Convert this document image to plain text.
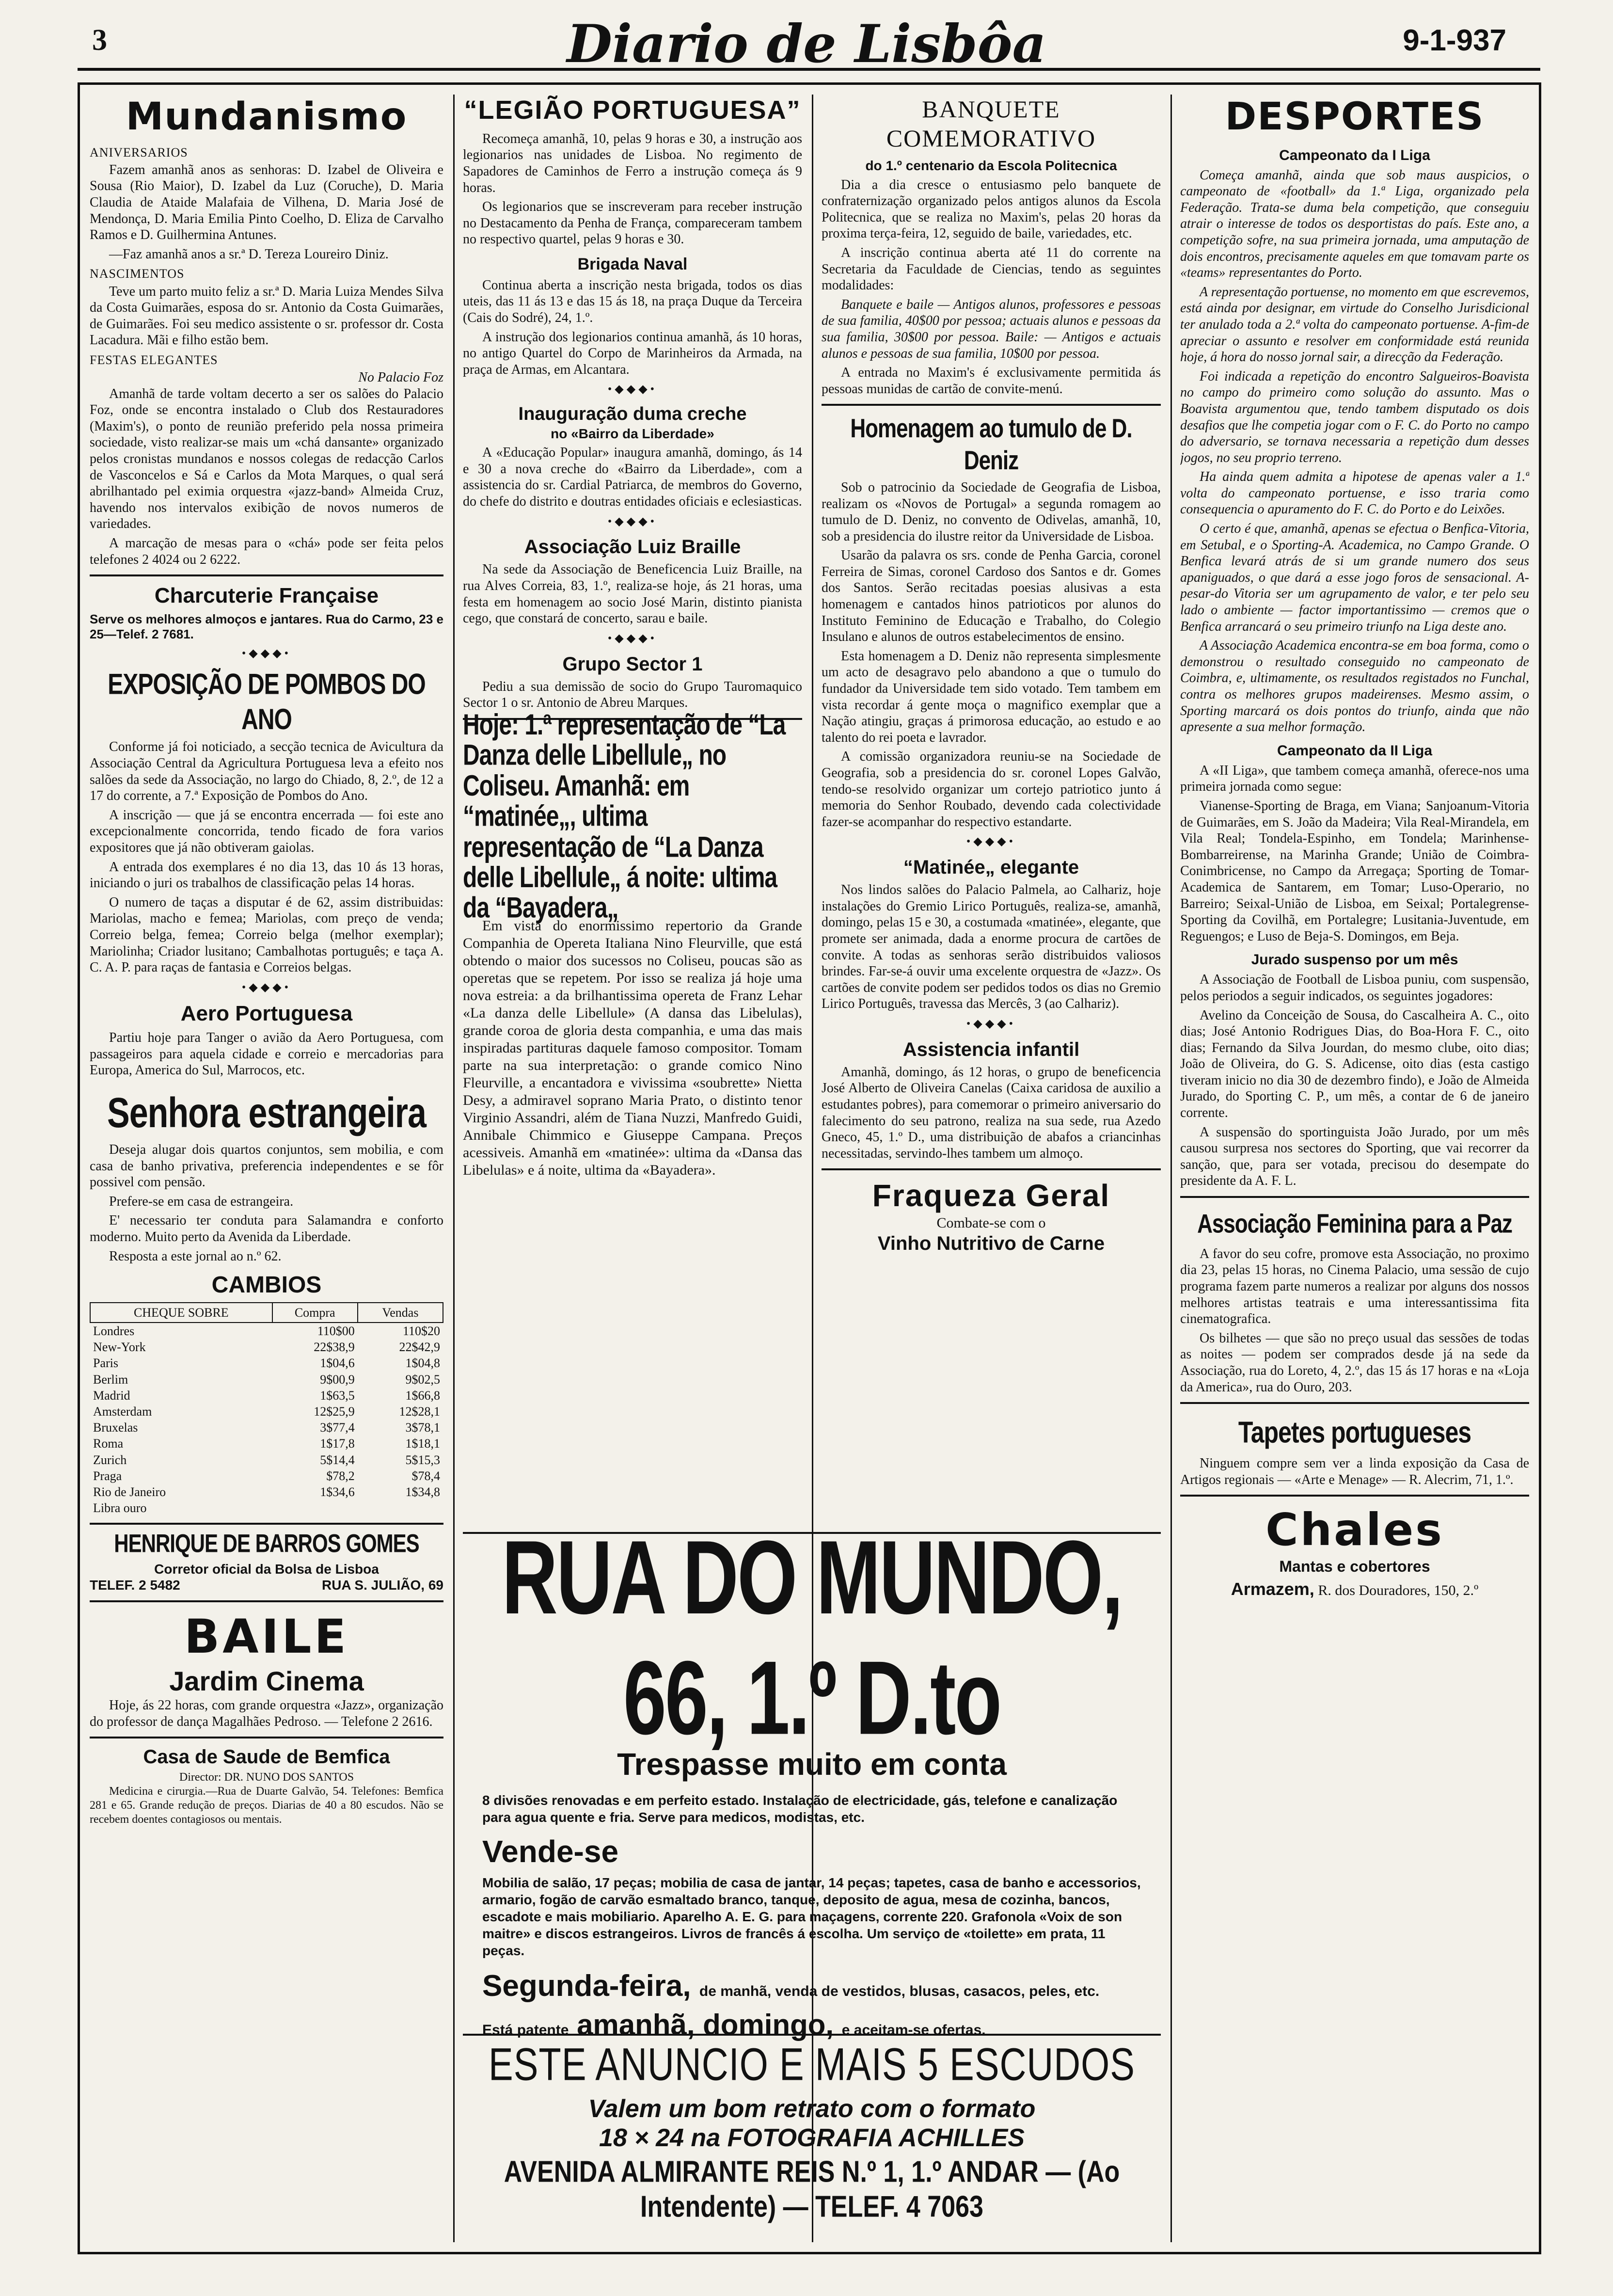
3	Diario de Lisbôa	9-1-937
Mundanismo
ANIVERSARIOS

Fazem amanhã anos as senhoras: D. Izabel de Oliveira e Sousa (Rio Maior), D. Izabel da Luz (Coruche), D. Maria Claudia de Ataide Malafaia de Vilhena, D. Maria José de Mendonça, D. Maria Emilia Pinto Coelho, D. Eliza de Carvalho Ramos e D. Guilhermina Antunes.

—Faz amanhã anos a sr.ª D. Tereza Loureiro Diniz.

NASCIMENTOS

Teve um parto muito feliz a sr.ª D. Maria Luiza Mendes Silva da Costa Guimarães, esposa do sr. Antonio da Costa Guimarães, de Guimarães. Foi seu medico assistente o sr. professor dr. Costa Lacadura. Mãi e filho estão bem.

FESTAS ELEGANTES
No Palacio Foz

Amanhã de tarde voltam decerto a ser os salões do Palacio Foz, onde se encontra instalado o Club dos Restauradores (Maxim's), o ponto de reunião preferido pela nossa primeira sociedade, visto realizar-se mais um «chá dansante» organizado pelos cronistas mundanos e nossos colegas de redacção Carlos de Vasconcelos e Sá e Carlos da Mota Marques, o qual será abrilhantado pel eximia orquestra «jazz-band» Almeida Cruz, havendo nos intervalos exibição de novos numeros de variedades.

A marcação de mesas para o «chá» pode ser feita pelos telefones 2 4024 ou 2 6222.

Charcuterie Française

Serve os melhores almoços e jantares. Rua do Carmo, 23 e 25—Telef. 2 7681.

•◆◆◆•
EXPOSIÇÃO DE POMBOS DO ANO

Conforme já foi noticiado, a secção tecnica de Avicultura da Associação Central da Agricultura Portuguesa leva a efeito nos salões da sede da Associação, no largo do Chiado, 8, 2.º, de 12 a 17 do corrente, a 7.ª Exposição de Pombos do Ano.

A inscrição — que já se encontra encerrada — foi este ano excepcionalmente concorrida, tendo ficado de fora varios expositores que já não obtiveram gaiolas.

A entrada dos exemplares é no dia 13, das 10 ás 13 horas, iniciando o juri os trabalhos de classificação pelas 14 horas.

O numero de taças a disputar é de 62, assim distribuidas: Mariolas, macho e femea; Mariolas, com preço de venda; Correio belga, femea; Correio belga (melhor exemplar); Mariolinha; Criador lusitano; Cambalhotas português; e taça A. C. A. P. para raças de fantasia e Correios belgas.

•◆◆◆•
Aero Portuguesa

Partiu hoje para Tanger o avião da Aero Portuguesa, com passageiros para aquela cidade e correio e mercadorias para Europa, America do Sul, Marrocos, etc.

Senhora estrangeira

Deseja alugar dois quartos conjuntos, sem mobilia, e com casa de banho privativa, preferencia independentes e se fôr possivel com pensão.

Prefere-se em casa de estrangeira.

E' necessario ter conduta para Salamandra e conforto moderno. Muito perto da Avenida da Liberdade.

Resposta a este jornal ao n.º 62.

CAMBIOS
CHEQUE SOBRE	Compra	Vendas
Londres	110$00	110$20
New-York	22$38,9	22$42,9
Paris	1$04,6	1$04,8
Berlim	9$00,9	9$02,5
Madrid	1$63,5	1$66,8
Amsterdam	12$25,9	12$28,1
Bruxelas	3$77,4	3$78,1
Roma	1$17,8	1$18,1
Zurich	5$14,4	5$15,3
Praga	$78,2	$78,4
Rio de Janeiro	1$34,6	1$34,8
Libra ouro		
HENRIQUE DE BARROS GOMES
Corretor oficial da Bolsa de Lisboa
TELEF. 2 5482	RUA S. JULIÃO, 69
BAILE
Jardim Cinema

Hoje, ás 22 horas, com grande orquestra «Jazz», organização do professor de dança Magalhães Pedroso. — Telefone 2 2616.

Casa de Saude de Bemfica
Director: DR. NUNO DOS SANTOS

Medicina e cirurgia.—Rua de Duarte Galvão, 54. Telefones: Bemfica 281 e 65. Grande redução de preços. Diarias de 40 a 80 escudos. Não se recebem doentes contagiosos ou mentais.

“LEGIÃO PORTUGUESA”

Recomeça amanhã, 10, pelas 9 horas e 30, a instrução aos legionarios nas unidades de Lisboa. No regimento de Sapadores de Caminhos de Ferro a instrução começa ás 9 horas.

Os legionarios que se inscreveram para receber instrução no Destacamento da Penha de França, compareceram tambem no respectivo quartel, pelas 9 horas e 30.

Brigada Naval

Continua aberta a inscrição nesta brigada, todos os dias uteis, das 11 ás 13 e das 15 ás 18, na praça Duque da Terceira (Cais do Sodré), 24, 1.º.

A instrução dos legionarios continua amanhã, ás 10 horas, no antigo Quartel do Corpo de Marinheiros da Armada, na praça de Armas, em Alcantara.

•◆◆◆•
Inauguração duma creche
no «Bairro da Liberdade»

A «Educação Popular» inaugura amanhã, domingo, ás 14 e 30 a nova creche do «Bairro da Liberdade», com a assistencia do sr. Cardial Patriarca, de membros do Governo, do chefe do distrito e doutras entidades oficiais e eclesiasticas.

•◆◆◆•
Associação Luiz Braille

Na sede da Associação de Beneficencia Luiz Braille, na rua Alves Correia, 83, 1.º, realiza-se hoje, ás 21 horas, uma festa em homenagem ao socio José Marin, distinto pianista cego, que constará de concerto, sarau e baile.

•◆◆◆•
Grupo Sector 1

Pediu a sua demissão de socio do Grupo Tauromaquico Sector 1 o sr. Antonio de Abreu Marques.

Hoje: 1.ª representação de “La Danza delle Libellule„ no Coliseu. Amanhã: em “matinée„, ultima representação de “La Danza delle Libellule„ á noite: ultima da “Bayadera„

Em vista do enormissimo repertorio da Grande Companhia de Opereta Italiana Nino Fleurville, que está obtendo o maior dos sucessos no Coliseu, poucas são as operetas que se repetem. Por isso se realiza já hoje uma nova estreia: a da brilhantissima opereta de Franz Lehar «La danza delle Libellule» (A dansa das Libelulas), grande coroa de gloria desta companhia, e uma das mais inspiradas partituras daquele famoso compositor. Tomam parte na sua interpretação: o grande comico Nino Fleurville, a encantadora e vivissima «soubrette» Nietta Desy, a admiravel soprano Maria Prato, o distinto tenor Virginio Assandri, além de Tiana Nuzzi, Manfredo Guidi, Annibale Chimmico e Giuseppe Campana. Preços acessiveis. Amanhã em «matinée»: ultima da «Dansa das Libelulas» e á noite, ultima da «Bayadera».

BANQUETE COMEMORATIVO
do 1.º centenario da Escola Politecnica

Dia a dia cresce o entusiasmo pelo banquete de confraternização organizado pelos antigos alunos da Escola Politecnica, que se realiza no Maxim's, pelas 20 horas da proxima terça-feira, 12, seguido de baile, variedades, etc.

A inscrição continua aberta até 11 do corrente na Secretaria da Faculdade de Ciencias, tendo as seguintes modalidades:

Banquete e baile — Antigos alunos, professores e pessoas de sua familia, 40$00 por pessoa; actuais alunos e pessoas da sua familia, 30$00 por pessoa. Baile: — Antigos e actuais alunos e pessoas de sua familia, 10$00 por pessoa.

A entrada no Maxim's é exclusivamente permitida ás pessoas munidas de cartão de convite-menú.

Homenagem ao tumulo de D. Deniz

Sob o patrocinio da Sociedade de Geografia de Lisboa, realizam os «Novos de Portugal» a segunda romagem ao tumulo de D. Deniz, no convento de Odivelas, amanhã, 10, sob a presidencia do ilustre reitor da Universidade de Lisboa.

Usarão da palavra os srs. conde de Penha Garcia, coronel Ferreira de Simas, coronel Cardoso dos Santos e dr. Gomes dos Santos. Serão recitadas poesias alusivas a esta homenagem e cantados hinos patrioticos por alunos do Instituto Feminino de Educação e Trabalho, do Colegio Insulano e alunos de outros estabelecimentos de ensino.

Esta homenagem a D. Deniz não representa simplesmente um acto de desagravo pelo abandono a que o tumulo do fundador da Universidade tem sido votado. Tem tambem em vista recordar á gente moça o magnifico exemplar que a Nação atingiu, graças á primorosa educação, ao estudo e ao talento do rei poeta e lavrador.

A comissão organizadora reuniu-se na Sociedade de Geografia, sob a presidencia do sr. coronel Lopes Galvão, tendo-se resolvido organizar um cortejo patriotico junto á memoria do Senhor Roubado, devendo cada colectividade fazer-se acompanhar do respectivo estandarte.

•◆◆◆•
“Matinée„ elegante

Nos lindos salões do Palacio Palmela, ao Calhariz, hoje instalações do Gremio Lirico Português, realiza-se, amanhã, domingo, pelas 15 e 30, a costumada «matinée», elegante, que promete ser animada, dada a enorme procura de cartões de convite. A todas as senhoras serão distribuidos valiosos brindes. Far-se-á ouvir uma excelente orquestra de «Jazz». Os cartões de convite podem ser pedidos todos os dias no Gremio Lirico Português, travessa das Mercês, 3 (ao Calhariz).

•◆◆◆•
Assistencia infantil

Amanhã, domingo, ás 12 horas, o grupo de beneficencia José Alberto de Oliveira Canelas (Caixa caridosa de auxilio a estudantes pobres), para comemorar o primeiro aniversario do falecimento do seu patrono, realiza na sua sede, rua Azedo Gneco, 45, 1.º D., uma distribuição de abafos a criancinhas necessitadas, servindo-lhes tambem um almoço.

Fraqueza Geral
Combate-se com o
Vinho Nutritivo de Carne
DESPORTES
Campeonato da I Liga

Começa amanhã, ainda que sob maus auspicios, o campeonato de «football» da 1.ª Liga, organizado pela Federação. Trata-se duma bela competição, que conseguiu atrair o interesse de todos os desportistas do país. Este ano, a competição sofre, na sua primeira jornada, uma amputação de dois encontros, precisamente aqueles em que tomavam parte os «teams» representantes do Porto.

A representação portuense, no momento em que escrevemos, está ainda por designar, em virtude do Conselho Jurisdicional ter anulado toda a 2.ª volta do campeonato portuense. A-fim-de apreciar o assunto e resolver em conformidade está reunida hoje, á hora do nosso jornal sair, a direcção da Federação.

Foi indicada a repetição do encontro Salgueiros-Boavista no campo do primeiro como solução do assunto. Mas o Boavista argumentou que, tendo tambem disputado os dois desafios que lhe competia jogar com o F. C. do Porto no campo do adversario, se tornava necessaria a repetição dum desses jogos, no seu proprio terreno.

Ha ainda quem admita a hipotese de apenas valer a 1.ª volta do campeonato portuense, e isso traria como consequencia o apuramento do F. C. do Porto e do Leixões.

O certo é que, amanhã, apenas se efectua o Benfica-Vitoria, em Setubal, e o Sporting-A. Academica, no Campo Grande. O Benfica levará atrás de si um grande numero dos seus apaniguados, o que dará a esse jogo foros de sensacional. A-pesar-do Vitoria ser um agrupamento de valor, e ter pelo seu lado o ambiente — factor importantissimo — cremos que o Benfica arrancará o seu primeiro triunfo na Liga deste ano.

A Associação Academica encontra-se em boa forma, como o demonstrou o resultado conseguido no campeonato de Coimbra, e, ultimamente, os resultados registados no Funchal, contra os melhores grupos madeirenses. Mesmo assim, o Sporting marcará os dois pontos do triunfo, ainda que não apresente a sua melhor formação.

Campeonato da II Liga

A «II Liga», que tambem começa amanhã, oferece-nos uma primeira jornada como segue:

Vianense-Sporting de Braga, em Viana; Sanjoanum-Vitoria de Guimarães, em S. João da Madeira; Vila Real-Mirandela, em Vila Real; Tondela-Espinho, em Tondela; Marinhense-Bombarreirense, na Marinha Grande; União de Coimbra-Conimbricense, no Campo da Arregaça; Sporting de Tomar-Academica de Santarem, em Tomar; Luso-Operario, no Barreiro; Seixal-União de Lisboa, em Seixal; Portalegrense-Sporting da Covilhã, em Portalegre; Lusitania-Juventude, em Reguengos; e Luso de Beja-S. Domingos, em Beja.

Jurado suspenso por um mês

A Associação de Football de Lisboa puniu, com suspensão, pelos periodos a seguir indicados, os seguintes jogadores:

Avelino da Conceição de Sousa, do Cascalheira A. C., oito dias; José Antonio Rodrigues Dias, do Boa-Hora F. C., oito dias; Fernando da Silva Jourdan, do mesmo clube, oito dias; João de Oliveira, do G. S. Adicense, oito dias (esta castigo tiveram inicio no dia 30 de dezembro findo), e João de Almeida Jurado, do Sporting C. P., um mês, a contar de 6 de janeiro corrente.

A suspensão do sportinguista João Jurado, por um mês causou surpresa nos sectores do Sporting, que vai recorrer da sanção, que, para ser votada, precisou do desempate do presidente da A. F. L.

Associação Feminina para a Paz

A favor do seu cofre, promove esta Associação, no proximo dia 23, pelas 15 horas, no Cinema Palacio, uma sessão de cujo programa fazem parte numeros a realizar por alguns dos nossos melhores artistas teatrais e uma interessantissima fita cinematografica.

Os bilhetes — que são no preço usual das sessões de todas as noites — podem ser comprados desde já na sede da Associação, rua do Loreto, 4, 2.º, das 15 ás 17 horas e na «Loja da America», rua do Ouro, 203.

Tapetes portugueses

Ninguem compre sem ver a linda exposição da Casa de Artigos regionais — «Arte e Menage» — R. Alecrim, 71, 1.º.

Chales
Mantas e cobertores
Armazem, R. dos Douradores, 150, 2.º
RUA DO MUNDO, 66, 1.º D.to
Trespasse muito em conta
8 divisões renovadas e em perfeito estado. Instalação de electricidade, gás, telefone e canalização para agua quente e fria. Serve para medicos, modistas, etc.
Vende-se
Mobilia de salão, 17 peças; mobilia de casa de jantar, 14 peças; tapetes, casa de banho e accessorios, armario, fogão de carvão esmaltado branco, tanque, deposito de agua, mesa de cozinha, bancos, escadote e mais mobiliario. Aparelho A. E. G. para maçagens, corrente 220. Grafonola «Voix de son maitre» e discos estrangeiros. Livros de francês á escolha. Um serviço de «toilette» em prata, 11 peças.
Segunda-feira, de manhã, venda de vestidos, blusas, casacos, peles, etc.
Está patente amanhã, domingo, e aceitam-se ofertas.
ESTE ANUNCIO E MAIS 5 ESCUDOS
Valem um bom retrato com o formato
18 × 24 na FOTOGRAFIA ACHILLES
AVENIDA ALMIRANTE REIS N.º 1, 1.º ANDAR — (Ao Intendente) — TELEF. 4 7063
